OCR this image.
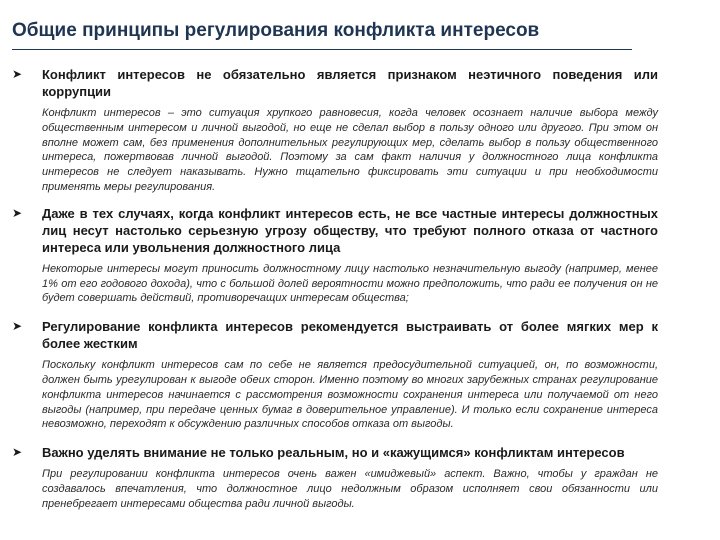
Общие принципы регулирования конфликта интересов
➤	Конфликт интересов не обязательно является признаком неэтичного поведения или коррупции
Конфликт интересов – это ситуация хрупкого равновесия, когда человек осознает наличие выбора между общественным интересом и личной выгодой, но еще не сделал выбор в пользу одного или другого. При этом он вполне может сам, без применения дополнительных регулирующих мер, сделать выбор в пользу общественного интереса, пожертвовав личной выгодой. Поэтому за сам факт наличия у должностного лица конфликта интересов не следует наказывать. Нужно тщательно фиксировать эти ситуации и при необходимости применять меры регулирования.
➤	Даже в тех случаях, когда конфликт интересов есть, не все частные интересы должностных лиц несут настолько серьезную угрозу обществу, что требуют полного отказа от частного интереса или увольнения должностного лица
Некоторые интересы могут приносить должностному лицу настолько незначительную выгоду (например, менее 1% от его годового дохода), что с большой долей вероятности можно предположить, что ради ее получения он не будет совершать действий, противоречащих интересам общества;
➤	Регулирование конфликта интересов рекомендуется выстраивать от более мягких мер к более жестким
Поскольку конфликт интересов сам по себе не является предосудительной ситуацией, он, по возможности, должен быть урегулирован к выгоде обеих сторон. Именно поэтому во многих зарубежных странах регулирование конфликта интересов начинается с рассмотрения возможности сохранения интереса или получаемой от него выгоды (например, при передаче ценных бумаг в доверительное управление). И только если сохранение интереса невозможно, переходят к обсуждению различных способов отказа от выгоды.
➤	Важно уделять внимание не только реальным, но и «кажущимся» конфликтам интересов
При регулировании конфликта интересов очень важен «имиджевый» аспект. Важно, чтобы у граждан не создавалось впечатления, что должностное лицо недолжным образом исполняет свои обязанности или пренебрегает интересами общества ради личной выгоды.
